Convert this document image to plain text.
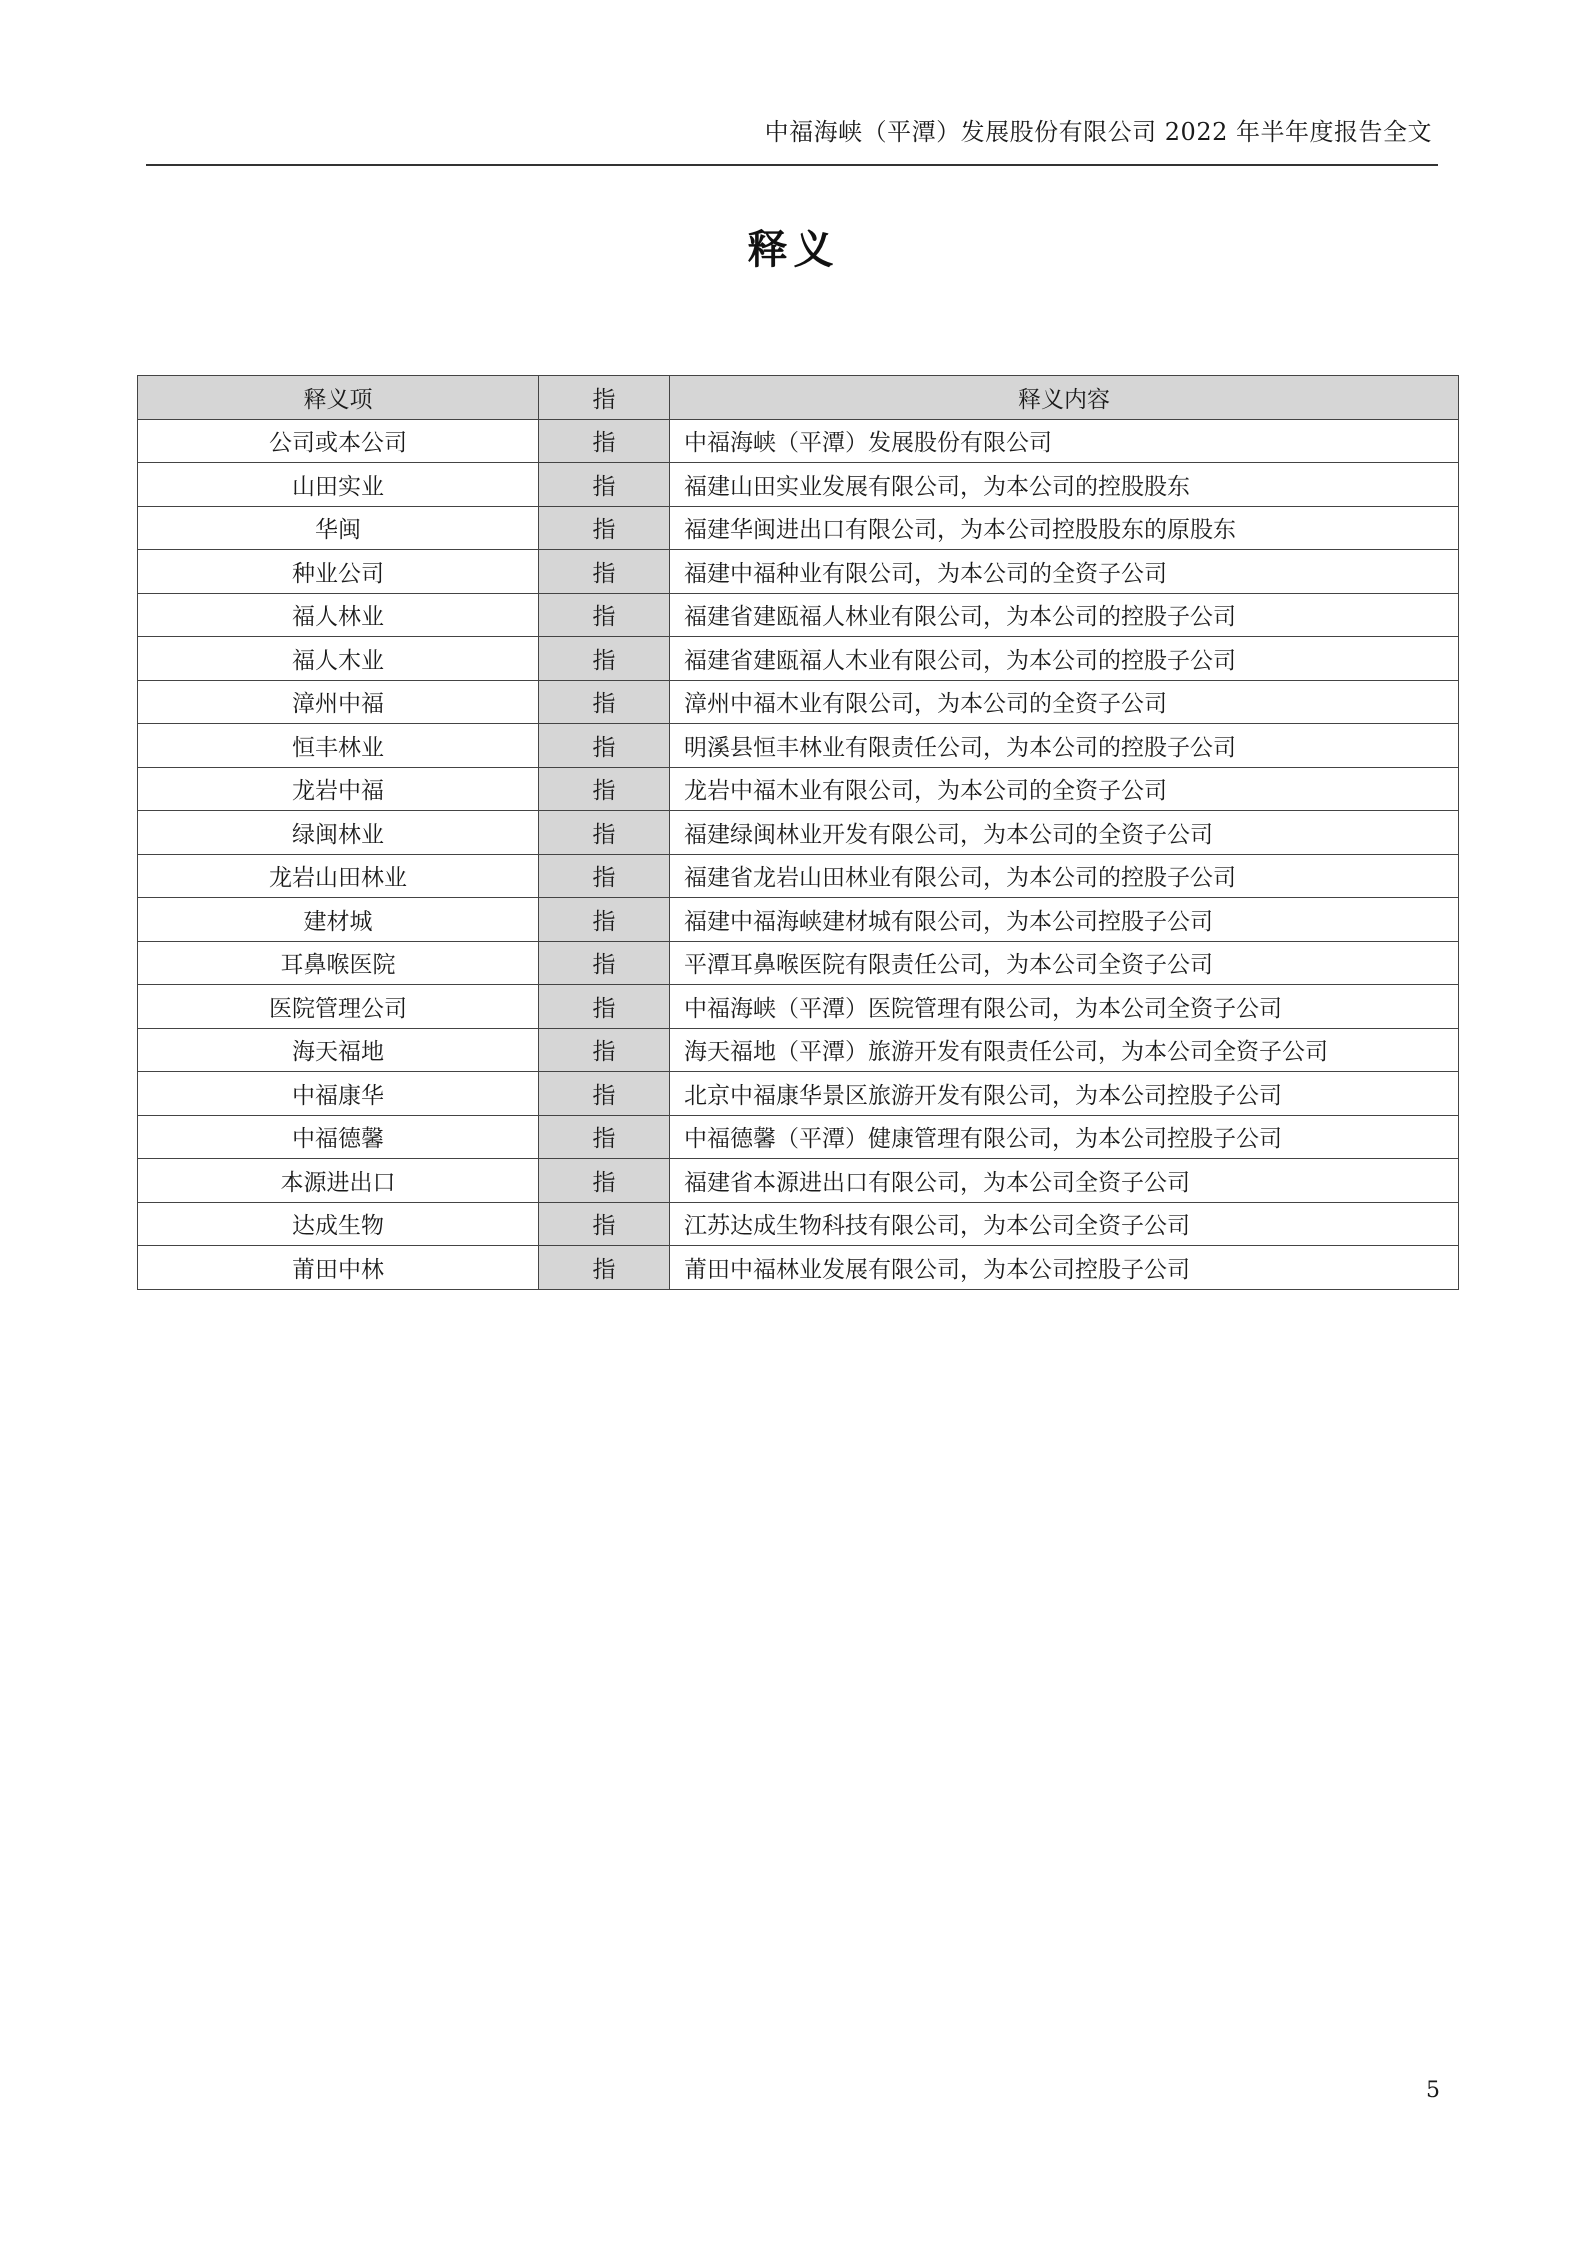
中福海峡（平潭）发展股份有限公司 2022 年半年度报告全文
释义
释义项	指	释义内容
公司或本公司	指	中福海峡（平潭）发展股份有限公司
山田实业	指	福建山田实业发展有限公司，为本公司的控股股东
华闽	指	福建华闽进出口有限公司，为本公司控股股东的原股东
种业公司	指	福建中福种业有限公司，为本公司的全资子公司
福人林业	指	福建省建瓯福人林业有限公司，为本公司的控股子公司
福人木业	指	福建省建瓯福人木业有限公司，为本公司的控股子公司
漳州中福	指	漳州中福木业有限公司，为本公司的全资子公司
恒丰林业	指	明溪县恒丰林业有限责任公司，为本公司的控股子公司
龙岩中福	指	龙岩中福木业有限公司，为本公司的全资子公司
绿闽林业	指	福建绿闽林业开发有限公司，为本公司的全资子公司
龙岩山田林业	指	福建省龙岩山田林业有限公司，为本公司的控股子公司
建材城	指	福建中福海峡建材城有限公司，为本公司控股子公司
耳鼻喉医院	指	平潭耳鼻喉医院有限责任公司，为本公司全资子公司
医院管理公司	指	中福海峡（平潭）医院管理有限公司，为本公司全资子公司
海天福地	指	海天福地（平潭）旅游开发有限责任公司，为本公司全资子公司
中福康华	指	北京中福康华景区旅游开发有限公司，为本公司控股子公司
中福德馨	指	中福德馨（平潭）健康管理有限公司，为本公司控股子公司
本源进出口	指	福建省本源进出口有限公司，为本公司全资子公司
达成生物	指	江苏达成生物科技有限公司，为本公司全资子公司
莆田中林	指	莆田中福林业发展有限公司，为本公司控股子公司
5
